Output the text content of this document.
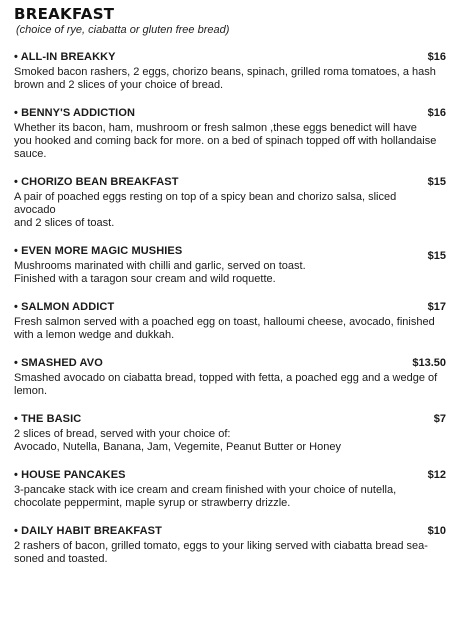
BREAKFAST
(choice of rye, ciabatta or gluten free bread)
• ALL-IN BREAKKY	$16
Smoked bacon rashers, 2 eggs, chorizo beans, spinach, grilled roma tomatoes, a hash
brown and 2 slices of your choice of bread.
• BENNY'S ADDICTION	$16
Whether its bacon, ham, mushroom or fresh salmon ,these eggs benedict will have
you hooked and coming back for more. on a bed of spinach topped off with hollandaise
sauce.
• CHORIZO BEAN BREAKFAST	$15
A pair of poached eggs resting on top of a spicy bean and chorizo salsa, sliced avocado
and 2 slices of toast.
• EVEN MORE MAGIC MUSHIES	$15
Mushrooms marinated with chilli and garlic, served on toast.
Finished with a taragon sour cream and wild roquette.
• SALMON ADDICT	$17
Fresh salmon served with a poached egg on toast, halloumi cheese, avocado, finished
with a lemon wedge and dukkah.
• SMASHED AVO	$13.50
Smashed avocado on ciabatta bread, topped with fetta, a poached egg and a wedge of
lemon.
• THE BASIC	$7
2 slices of bread, served with your choice of:
Avocado, Nutella, Banana, Jam, Vegemite, Peanut Butter or Honey
• HOUSE PANCAKES	$12
3-pancake stack with ice cream and cream finished with your choice of nutella,
chocolate peppermint, maple syrup or strawberry drizzle.
• DAILY HABIT BREAKFAST	$10
2 rashers of bacon, grilled tomato, eggs to your liking served with ciabatta bread sea-
soned and toasted.
